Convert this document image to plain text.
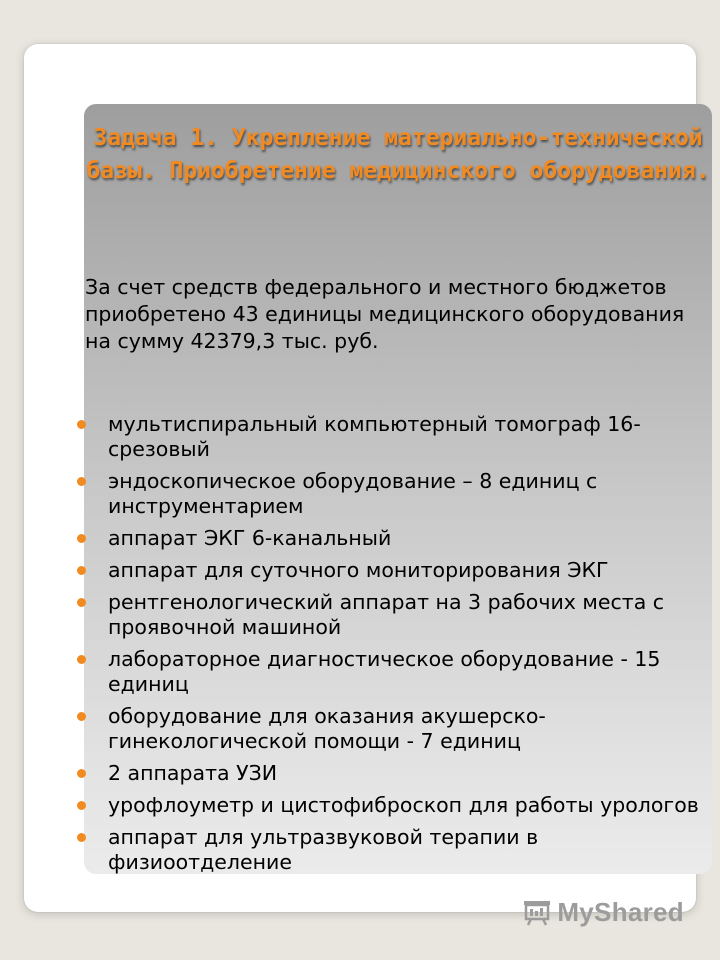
Задача 1. Укрепление материально-технической базы. Приобретение медицинского оборудования.

За счет средств федерального и местного бюджетов приобретено 43 единицы медицинского оборудования на сумму 42379,3 тыс. руб.

мультиспиральный компьютерный томограф 16-срезовый
эндоскопическое оборудование – 8 единиц с инструментарием
аппарат ЭКГ 6-канальный
аппарат для суточного мониторирования ЭКГ
рентгенологический аппарат на 3 рабочих места с проявочной машиной
лабораторное диагностическое оборудование - 15 единиц
оборудование для оказания акушерско-гинекологической помощи - 7 единиц
2 аппарата УЗИ
урофлоуметр и цистофиброскоп для работы урологов
аппарат для ультразвуковой терапии в физиоотделение
MyShared
